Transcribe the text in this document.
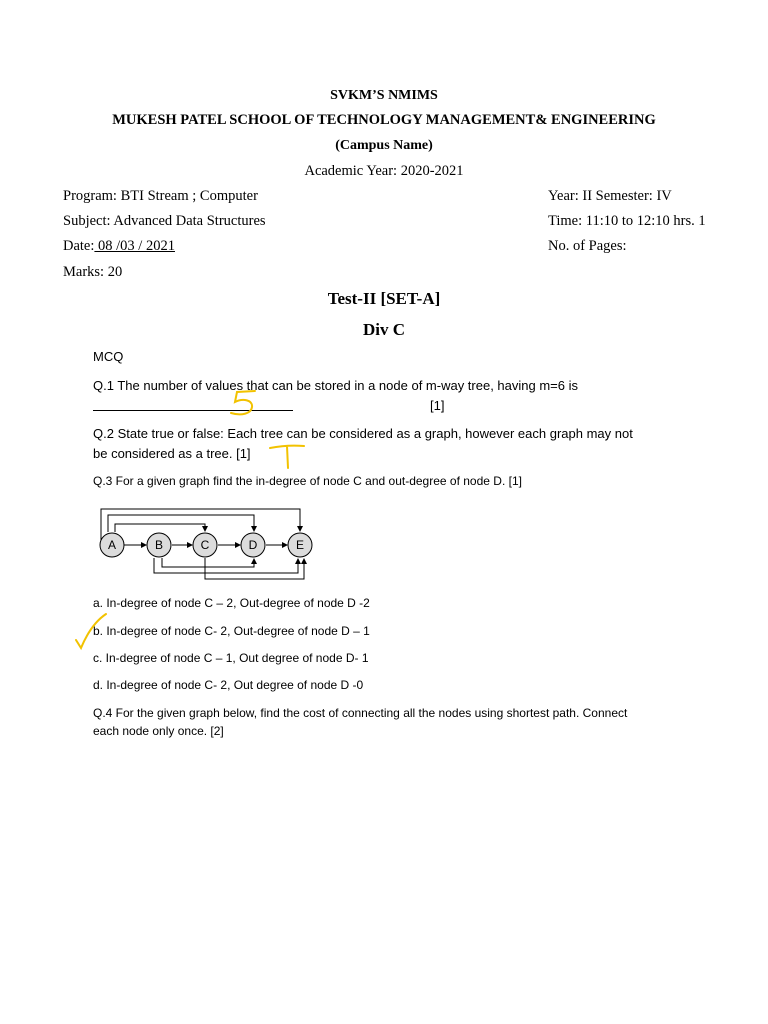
SVKM’S NMIMS
MUKESH PATEL SCHOOL OF TECHNOLOGY MANAGEMENT& ENGINEERING
(Campus Name)
Academic Year: 2020-2021
Program: BTI Stream ; Computer	Year: II Semester: IV
Subject: Advanced Data Structures	Time: 11:10 to 12:10 hrs. 1
Date: 08 /03 / 2021	No. of Pages:
Marks: 20
Test-II [SET-A]
Div C
MCQ
Q.1 The number of values that can be stored in a node of m-way tree, having m=6 is
[1]
Q.2 State true or false: Each tree can be considered as a graph, however each graph may not
be considered as a tree. [1]
Q.3 For a given graph find the in-degree of node C and out-degree of node D. [1]
A	B	C	D	E
a. In-degree of node C – 2, Out-degree of node D -2
b. In-degree of node C- 2, Out-degree of node D – 1
c. In-degree of node C – 1, Out degree of node D- 1
d. In-degree of node C- 2, Out degree of node D -0
Q.4 For the given graph below, find the cost of connecting all the nodes using shortest path. Connect
each node only once. [2]
